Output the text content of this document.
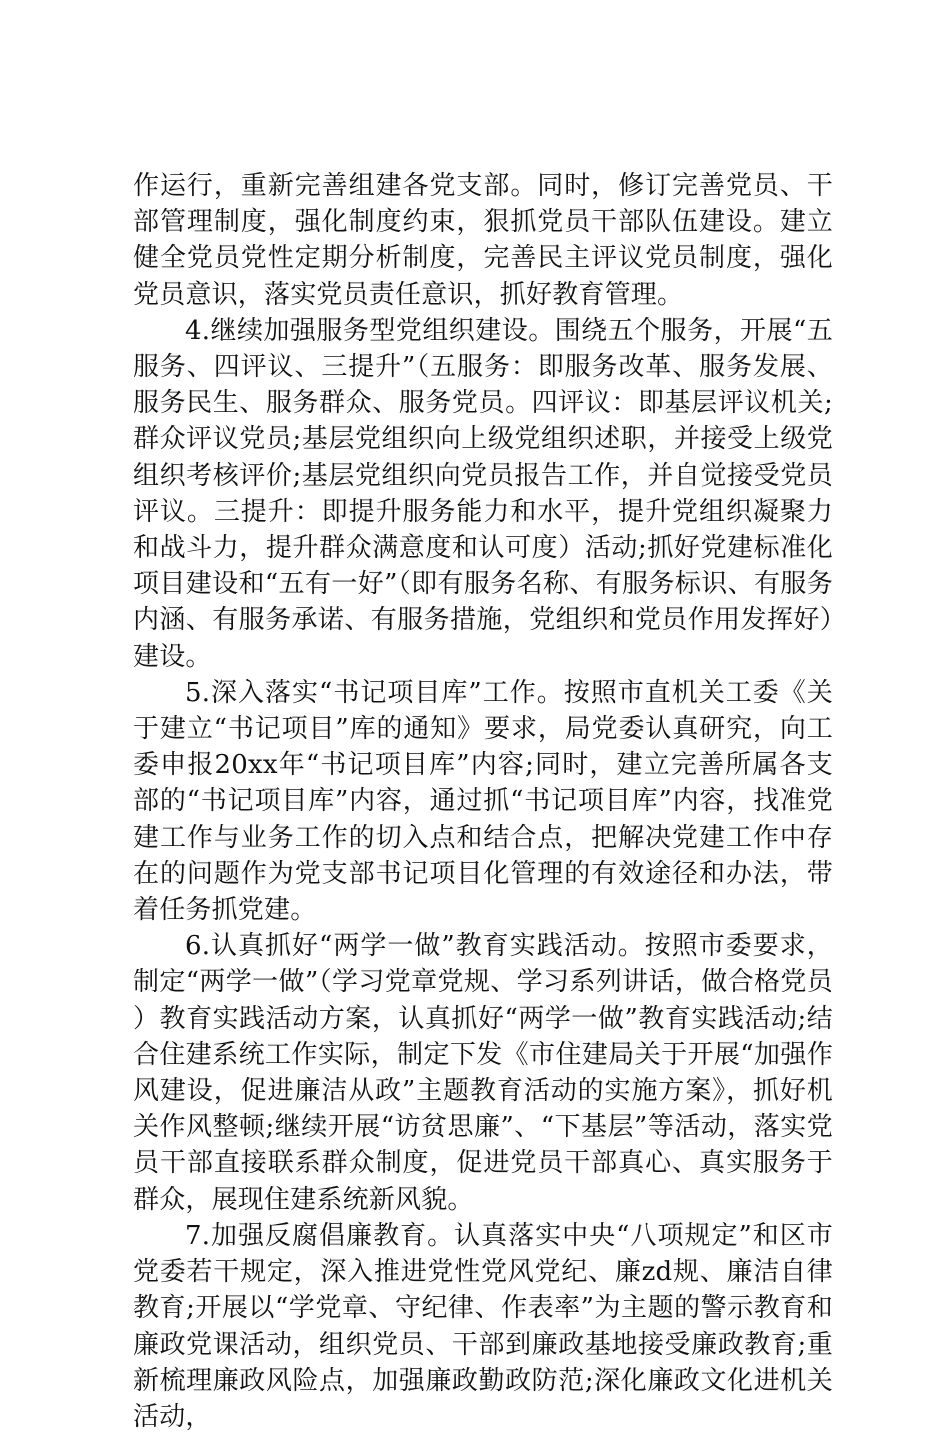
作运行，重新完善组建各党支部。同时，修订完善党员、干部管理制度，强化制度约束，狠抓党员干部队伍建设。建立健全党员党性定期分析制度，完善民主评议党员制度，强化党员意识，落实党员责任意识，抓好教育管理。

4.继续加强服务型党组织建设。围绕五个服务，开展“五服务、四评议、三提升”（五服务：即服务改革、服务发展、服务民生、服务群众、服务党员。四评议：即基层评议机关;群众评议党员;基层党组织向上级党组织述职，并接受上级党组织考核评价;基层党组织向党员报告工作，并自觉接受党员评议。三提升：即提升服务能力和水平，提升党组织凝聚力和战斗力，提升群众满意度和认可度）活动;抓好党建标准化项目建设和“五有一好”（即有服务名称、有服务标识、有服务内涵、有服务承诺、有服务措施，党组织和党员作用发挥好）建设。

5.深入落实“书记项目库”工作。按照市直机关工委《关于建立“书记项目”库的通知》要求，局党委认真研究，向工委申报20xx年“书记项目库”内容;同时，建立完善所属各支部的“书记项目库”内容，通过抓“书记项目库”内容，找准党建工作与业务工作的切入点和结合点，把解决党建工作中存在的问题作为党支部书记项目化管理的有效途径和办法，带着任务抓党建。

6.认真抓好“两学一做”教育实践活动。按照市委要求，制定“两学一做”（学习党章党规、学习系列讲话，做合格党员）教育实践活动方案，认真抓好“两学一做”教育实践活动;结合住建系统工作实际，制定下发《市住建局关于开展“加强作风建设，促进廉洁从政”主题教育活动的实施方案》，抓好机关作风整顿;继续开展“访贫思廉”、“下基层”等活动，落实党员干部直接联系群众制度，促进党员干部真心、真实服务于群众，展现住建系统新风貌。

7.加强反腐倡廉教育。认真落实中央“八项规定”和区市党委若干规定，深入推进党性党风党纪、廉zd规、廉洁自律教育;开展以“学党章、守纪律、作表率”为主题的警示教育和廉政党课活动，组织党员、干部到廉政基地接受廉政教育;重新梳理廉政风险点，加强廉政勤政防范;深化廉政文化进机关活动，
